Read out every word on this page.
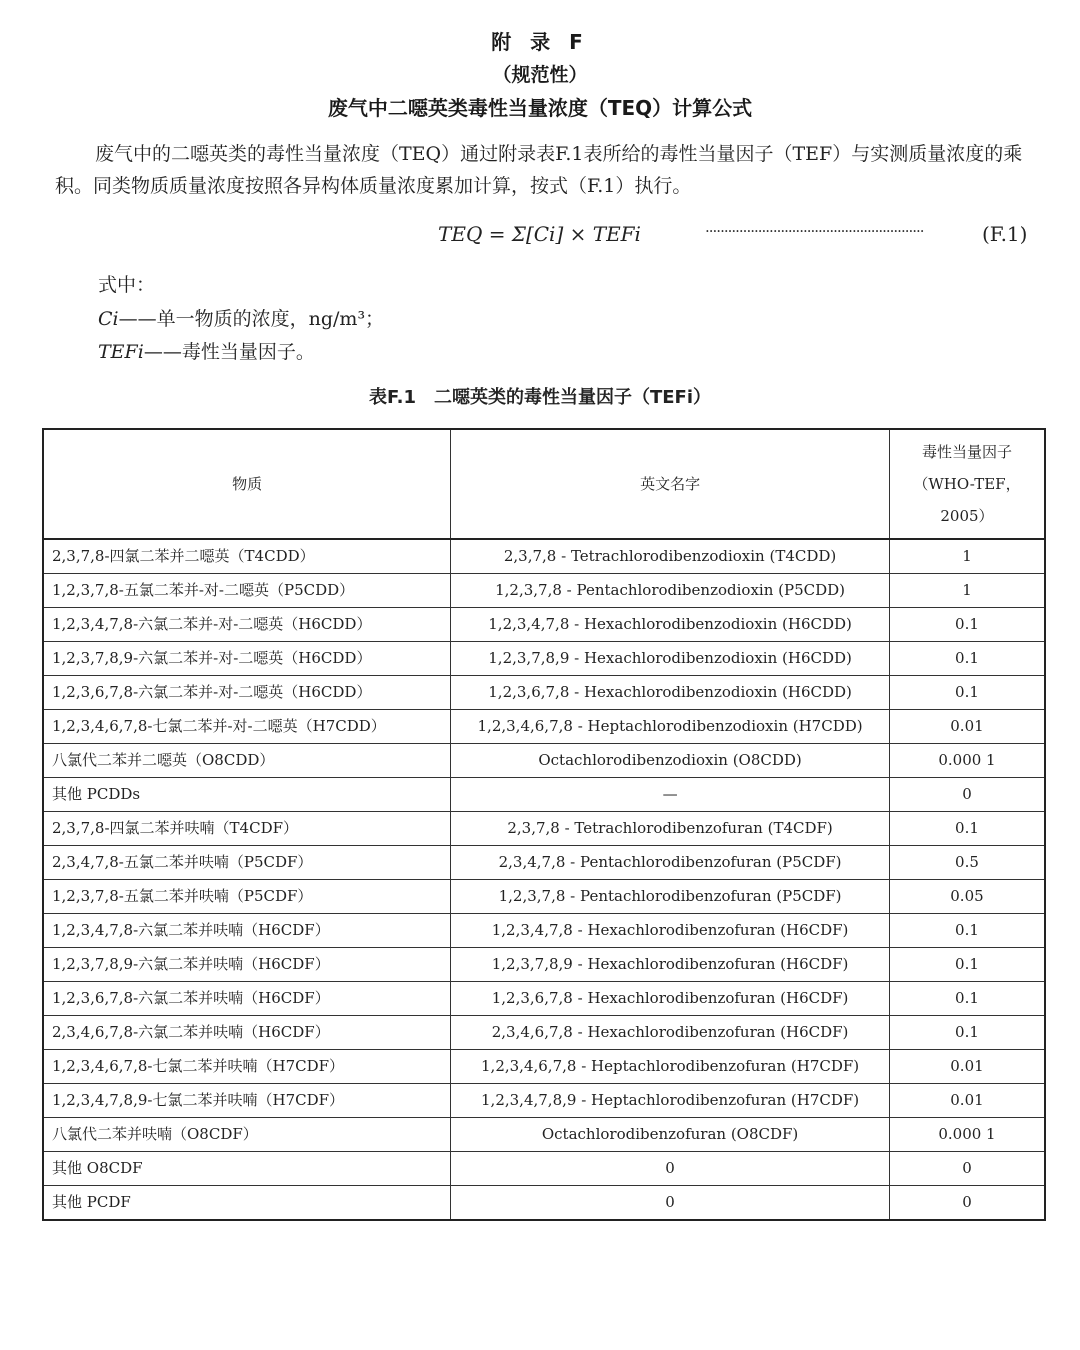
附 录 F
（规范性）
废气中二噁英类毒性当量浓度（TEQ）计算公式
废气中的二噁英类的毒性当量浓度（TEQ）通过附录表F.1表所给的毒性当量因子（TEF）与实测质量浓度的乘积。同类物质质量浓度按照各异构体质量浓度累加计算，按式（F.1）执行。
TEQ = Σ[Ci] × TEFi	..........................................................	(F.1)
式中：
Ci——单一物质的浓度，ng/m³；
TEFi——毒性当量因子。
表F.1　二噁英类的毒性当量因子（TEFi）
物质	英文名字	毒性当量因子（WHO-TEF，2005）
2,3,7,8-四氯二苯并二噁英（T4CDD）	2,3,7,8 - Tetrachlorodibenzodioxin (T4CDD)	1
1,2,3,7,8-五氯二苯并-对-二噁英（P5CDD）	1,2,3,7,8 - Pentachlorodibenzodioxin (P5CDD)	1
1,2,3,4,7,8-六氯二苯并-对-二噁英（H6CDD）	1,2,3,4,7,8 - Hexachlorodibenzodioxin (H6CDD)	0.1
1,2,3,7,8,9-六氯二苯并-对-二噁英（H6CDD）	1,2,3,7,8,9 - Hexachlorodibenzodioxin (H6CDD)	0.1
1,2,3,6,7,8-六氯二苯并-对-二噁英（H6CDD）	1,2,3,6,7,8 - Hexachlorodibenzodioxin (H6CDD)	0.1
1,2,3,4,6,7,8-七氯二苯并-对-二噁英（H7CDD）	1,2,3,4,6,7,8 - Heptachlorodibenzodioxin (H7CDD)	0.01
八氯代二苯并二噁英（O8CDD）	Octachlorodibenzodioxin (O8CDD)	0.000 1
其他 PCDDs	—	0
2,3,7,8-四氯二苯并呋喃（T4CDF）	2,3,7,8 - Tetrachlorodibenzofuran (T4CDF)	0.1
2,3,4,7,8-五氯二苯并呋喃（P5CDF）	2,3,4,7,8 - Pentachlorodibenzofuran (P5CDF)	0.5
1,2,3,7,8-五氯二苯并呋喃（P5CDF）	1,2,3,7,8 - Pentachlorodibenzofuran (P5CDF)	0.05
1,2,3,4,7,8-六氯二苯并呋喃（H6CDF）	1,2,3,4,7,8 - Hexachlorodibenzofuran (H6CDF)	0.1
1,2,3,7,8,9-六氯二苯并呋喃（H6CDF）	1,2,3,7,8,9 - Hexachlorodibenzofuran (H6CDF)	0.1
1,2,3,6,7,8-六氯二苯并呋喃（H6CDF）	1,2,3,6,7,8 - Hexachlorodibenzofuran (H6CDF)	0.1
2,3,4,6,7,8-六氯二苯并呋喃（H6CDF）	2,3,4,6,7,8 - Hexachlorodibenzofuran (H6CDF)	0.1
1,2,3,4,6,7,8-七氯二苯并呋喃（H7CDF）	1,2,3,4,6,7,8 - Heptachlorodibenzofuran (H7CDF)	0.01
1,2,3,4,7,8,9-七氯二苯并呋喃（H7CDF）	1,2,3,4,7,8,9 - Heptachlorodibenzofuran (H7CDF)	0.01
八氯代二苯并呋喃（O8CDF）	Octachlorodibenzofuran (O8CDF)	0.000 1
其他 O8CDF	0	0
其他 PCDF	0	0
